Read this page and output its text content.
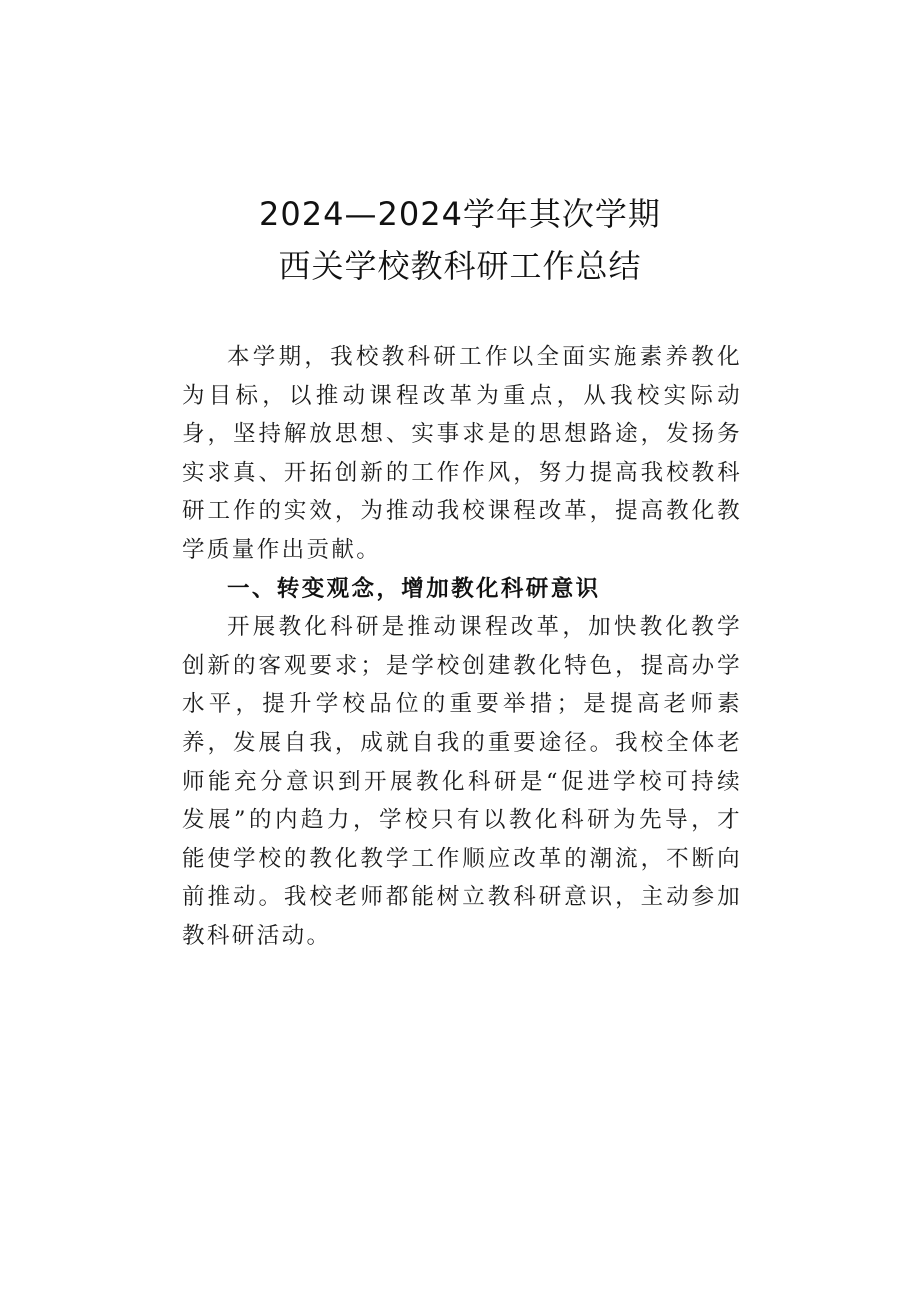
2024—2024学年其次学期
西关学校教科研工作总结

本学期，我校教科研工作以全面实施素养教化为目标，以推动课程改革为重点，从我校实际动身，坚持解放思想、实事求是的思想路途，发扬务实求真、开拓创新的工作作风，努力提高我校教科研工作的实效，为推动我校课程改革，提高教化教学质量作出贡献。

一、转变观念，增加教化科研意识

开展教化科研是推动课程改革，加快教化教学创新的客观要求；是学校创建教化特色，提高办学水平，提升学校品位的重要举措；是提高老师素养，发展自我，成就自我的重要途径。我校全体老师能充分意识到开展教化科研是“促进学校可持续发展”的内趋力，学校只有以教化科研为先导，才能使学校的教化教学工作顺应改革的潮流，不断向前推动。我校老师都能树立教科研意识，主动参加教科研活动。
